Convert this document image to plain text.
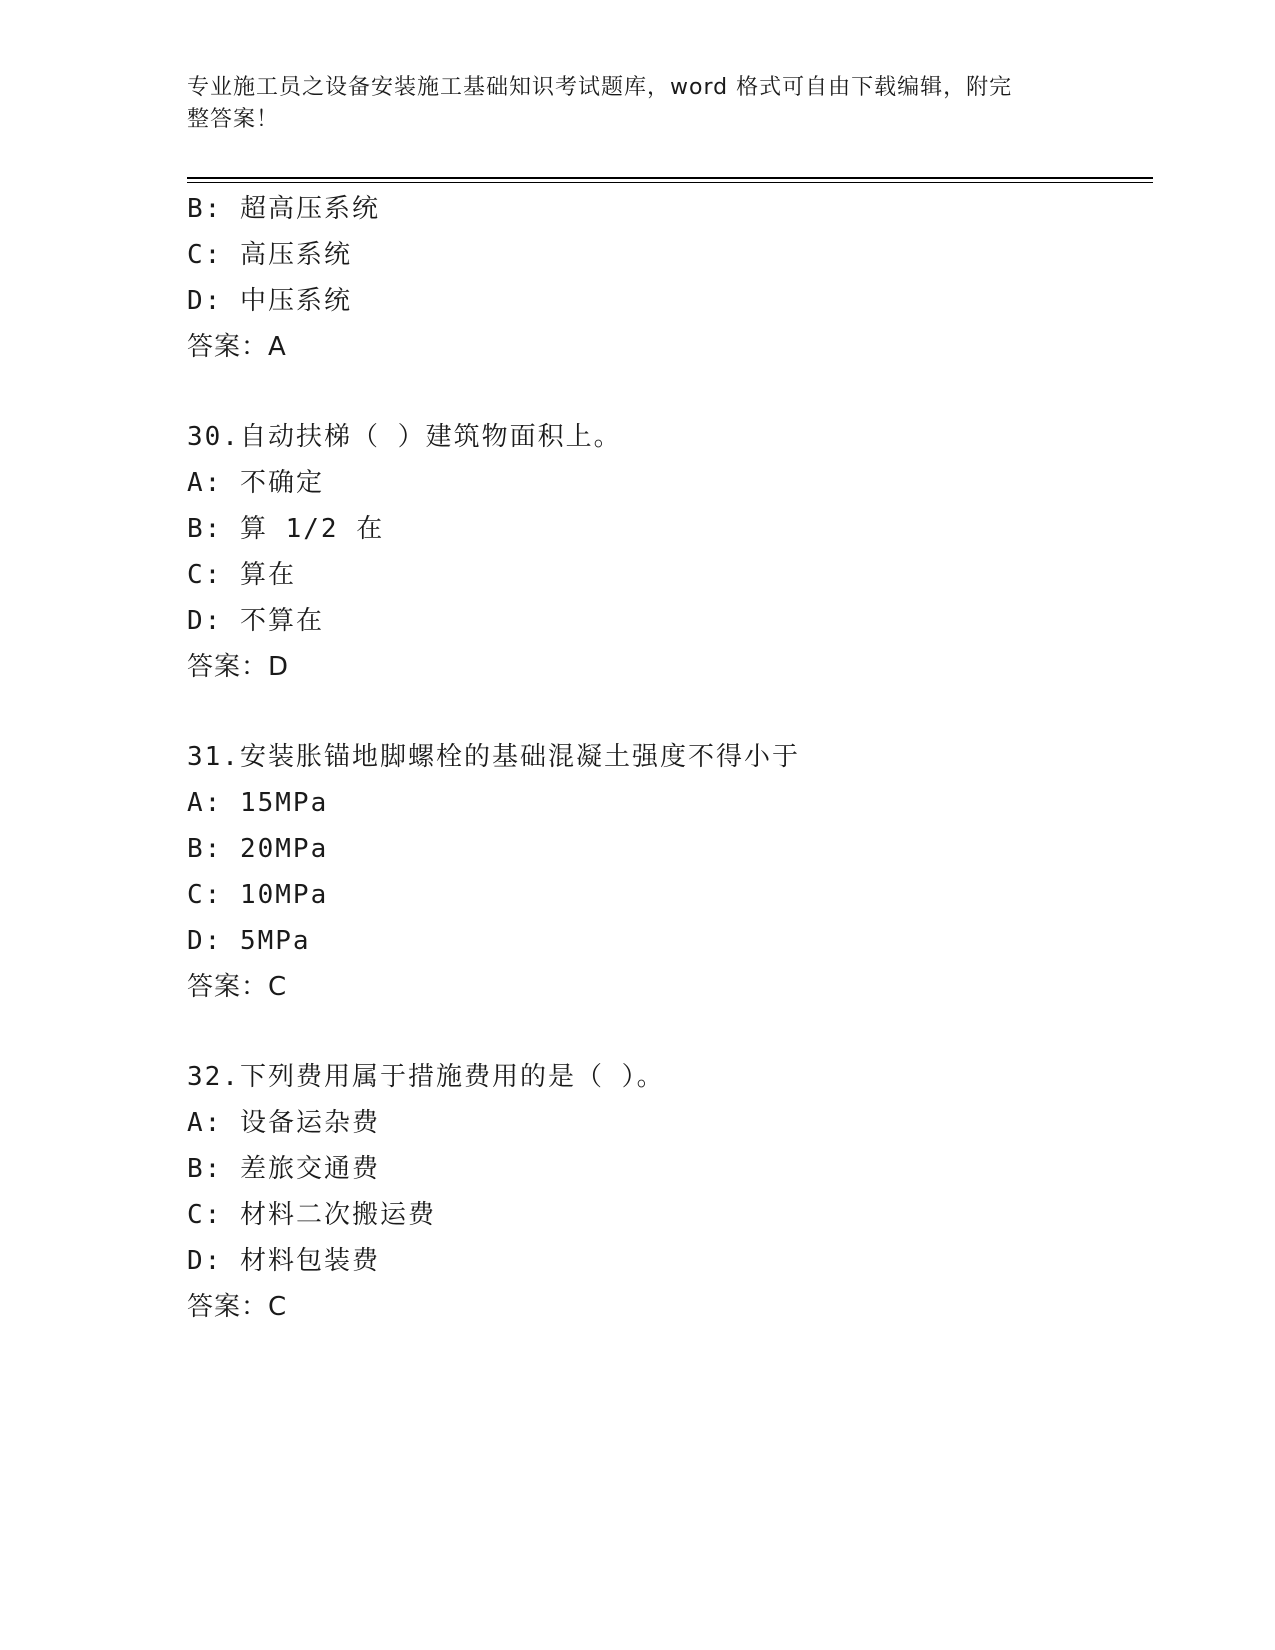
专业施工员之设备安装施工基础知识考试题库，word 格式可自由下载编辑，附完
整答案！
B: 超高压系统
C: 高压系统
D: 中压系统
答案：A
30.自动扶梯（ ）建筑物面积上。
A: 不确定
B: 算 1/2 在
C: 算在
D: 不算在
答案：D
31.安装胀锚地脚螺栓的基础混凝土强度不得小于
A: 15MPa
B: 20MPa
C: 10MPa
D: 5MPa
答案：C
32.下列费用属于措施费用的是（ ）。
A: 设备运杂费
B: 差旅交通费
C: 材料二次搬运费
D: 材料包装费
答案：C
